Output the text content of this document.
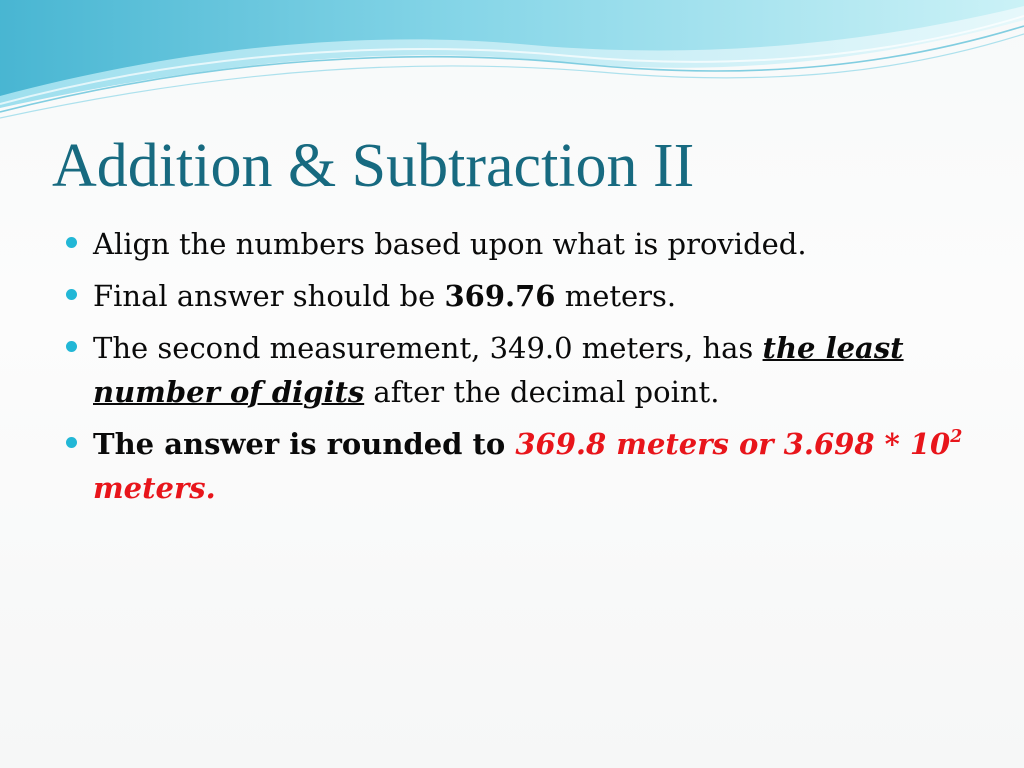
Addition & Subtraction II
Align the numbers based upon what is provided.
Final answer should be 369.76 meters.
The second measurement, 349.0 meters, has the least number of digits after the decimal point.
The answer is rounded to 369.8 meters or $3.698 * 10^2$ meters.
